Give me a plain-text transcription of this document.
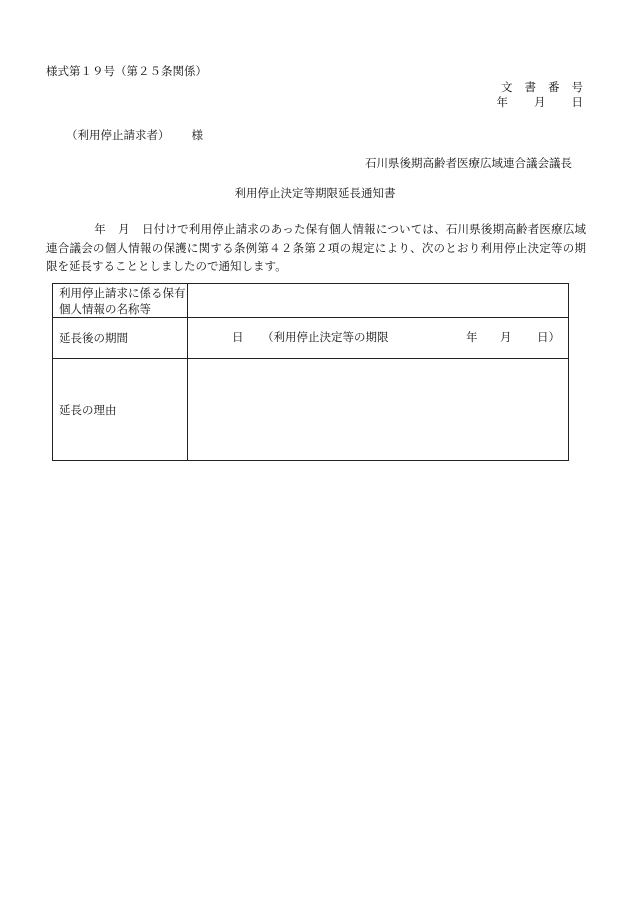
様式第１９号（第２５条関係）
文書番号
年 月 日
（利用停止請求者） 様
石川県後期高齢者医療広域連合議会議長
利用停止決定等期限延長通知書
年 月 日付けで利用停止請求のあった保有個人情報については、石川県後期高齢者医療広域連合議会の個人情報の保護に関する条例第４２条第２項の規定により、次のとおり利用停止決定等の期限を延長することとしましたので通知します。
利用停止請求に係る保有個人情報の名称等	
延長後の期間	日 （利用停止決定等の期限 年 月 日）

延長の理由	
